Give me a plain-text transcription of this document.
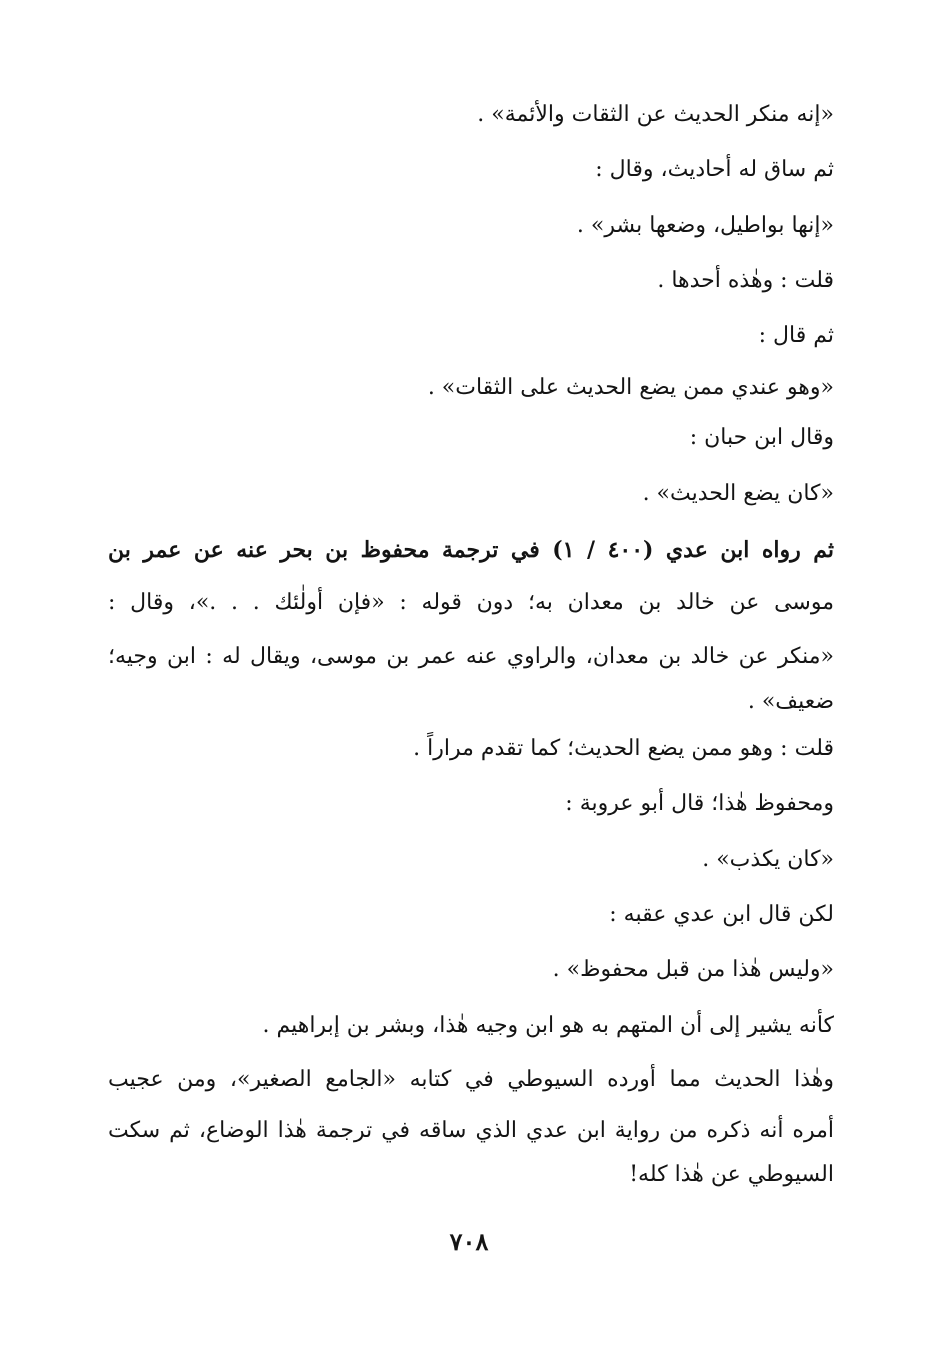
«إنه منكر الحديث عن الثقات والأئمة» .
ثم ساق له أحاديث، وقال :
«إنها بواطيل، وضعها بشر» .
قلت : وهٰذه أحدها .
ثم قال :
«وهو عندي ممن يضع الحديث على الثقات» .
وقال ابن حبان :
«كان يضع الحديث» .
ثم رواه ابن عدي (٤٠٠ / ١) في ترجمة محفوظ بن بحر عنه عن عمر بن
موسى عن خالد بن معدان به؛ دون قوله : «فإن أولٰئك . . .»، وقال :
«منكر عن خالد بن معدان، والراوي عنه عمر بن موسى، ويقال له : ابن وجيه؛
ضعيف» .
قلت : وهو ممن يضع الحديث؛ كما تقدم مراراً .
ومحفوظ هٰذا؛ قال أبو عروبة :
«كان يكذب» .
لكن قال ابن عدي عقبه :
«وليس هٰذا من قبل محفوظ» .
كأنه يشير إلى أن المتهم به هو ابن وجيه هٰذا، وبشر بن إبراهيم .
وهٰذا الحديث مما أورده السيوطي في كتابه «الجامع الصغير»، ومن عجيب
أمره أنه ذكره من رواية ابن عدي الذي ساقه في ترجمة هٰذا الوضاع، ثم سكت
السيوطي عن هٰذا كله!
٧٠٨
